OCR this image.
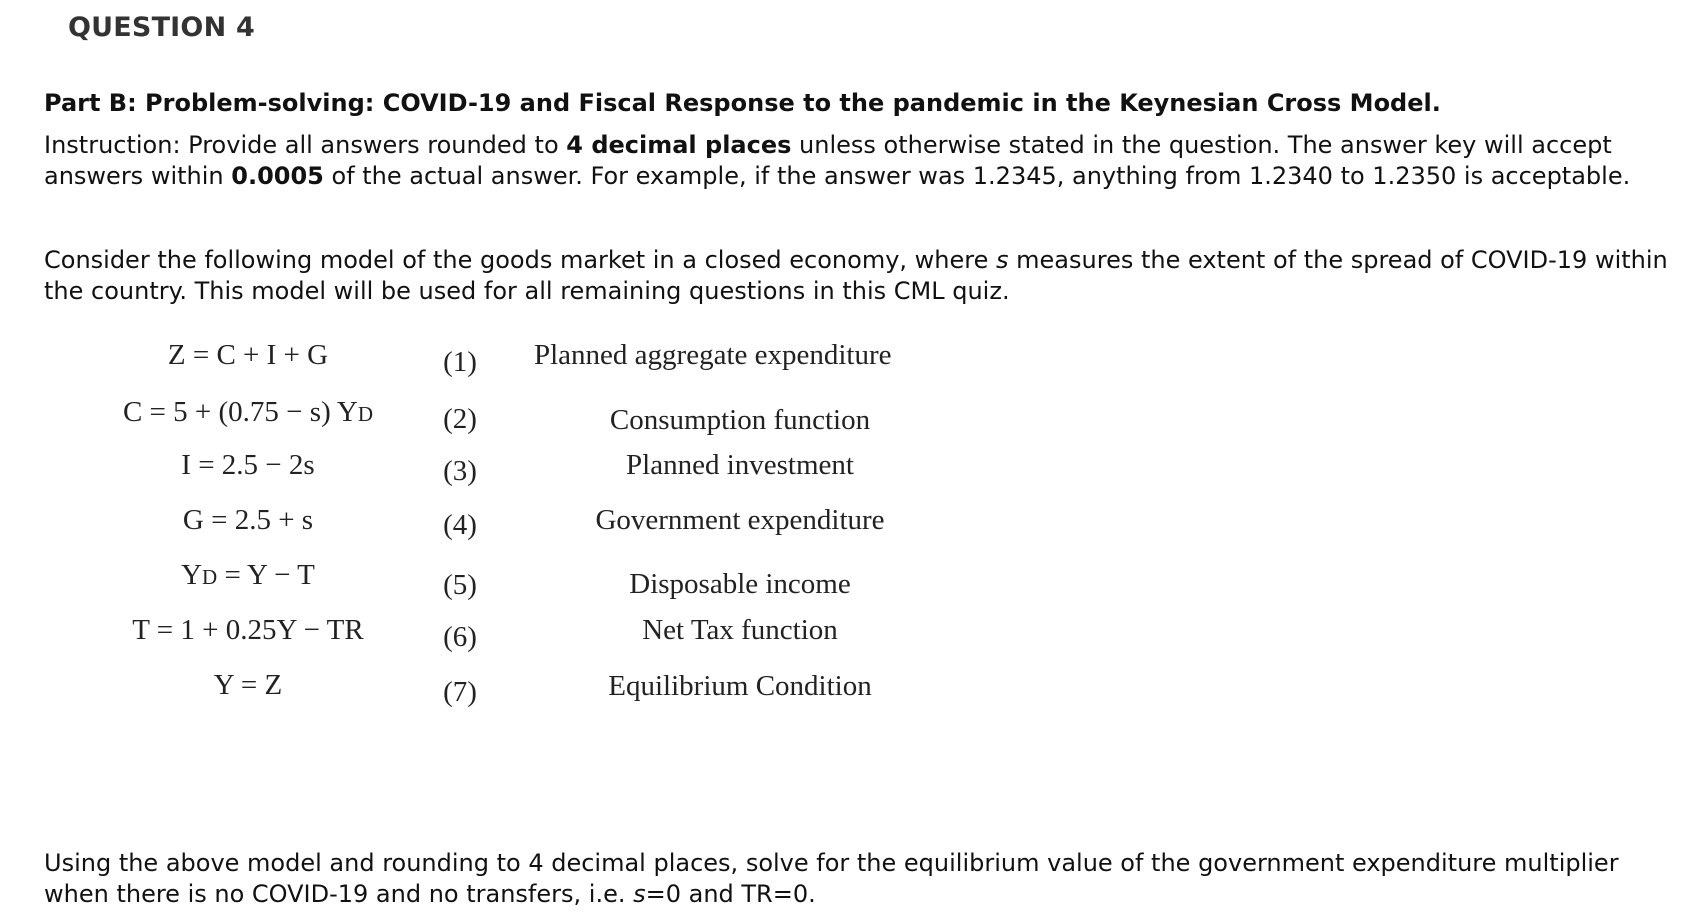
QUESTION 4
Part B: Problem-solving: COVID-19 and Fiscal Response to the pandemic in the Keynesian Cross Model.
Instruction: Provide all answers rounded to 4 decimal places unless otherwise stated in the question. The answer key will accept
answers within 0.0005 of the actual answer. For example, if the answer was 1.2345, anything from 1.2340 to 1.2350 is acceptable.
Consider the following model of the goods market in a closed economy, where s measures the extent of the spread of COVID-19 within
the country. This model will be used for all remaining questions in this CML quiz.
Z = C + I + G	(1)	Planned aggregate expenditure
C = 5 + (0.75 − s) YD	(2)	Consumption function
I = 2.5 − 2s	(3)	Planned investment
G = 2.5 + s	(4)	Government expenditure
YD = Y − T	(5)	Disposable income
T = 1 + 0.25Y − TR	(6)	Net Tax function
Y = Z	(7)	Equilibrium Condition
Using the above model and rounding to 4 decimal places, solve for the equilibrium value of the government expenditure multiplier
when there is no COVID-19 and no transfers, i.e. s=0 and TR=0.
